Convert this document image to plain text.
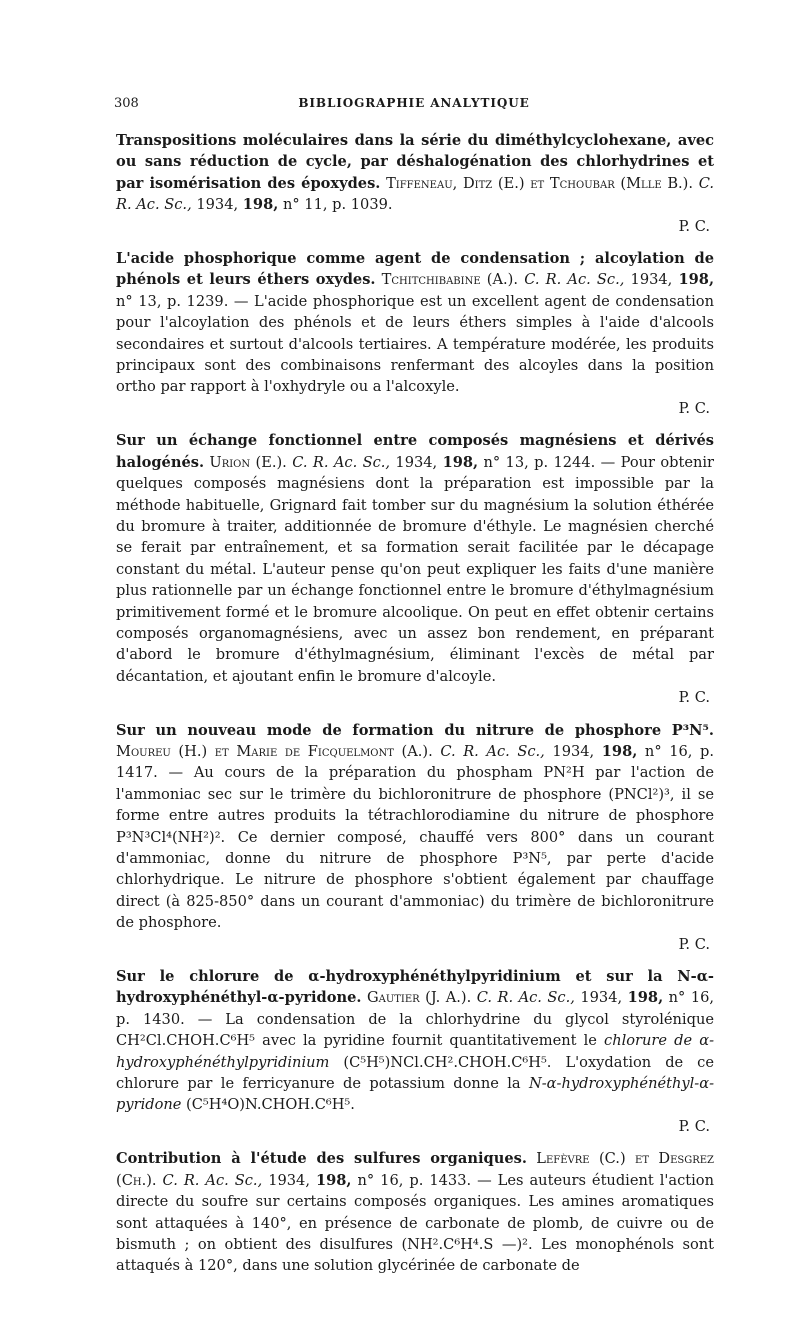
308	BIBLIOGRAPHIE ANALYTIQUE

Transpositions moléculaires dans la série du diméthylcyclohexane, avec ou sans réduction de cycle, par déshalogénation des chlorhydrines et par isomérisation des époxydes. Tiffeneau, Ditz (E.) et Tchoubar (Mlle B.). C. R. Ac. Sc., 1934, 198, n° 11, p. 1039.
P. C.

L'acide phosphorique comme agent de condensation ; alcoylation de phénols et leurs éthers oxydes. Tchitchibabine (A.). C. R. Ac. Sc., 1934, 198, n° 13, p. 1239. — L'acide phosphorique est un excellent agent de condensation pour l'alcoylation des phénols et de leurs éthers simples à l'aide d'alcools secondaires et surtout d'alcools tertiaires. A température modérée, les produits principaux sont des combinaisons renfermant des alcoyles dans la position ortho par rapport à l'oxhydryle ou a l'alcoxyle.
P. C.

Sur un échange fonctionnel entre composés magnésiens et dérivés halogénés. Urion (E.). C. R. Ac. Sc., 1934, 198, n° 13, p. 1244. — Pour obtenir quelques composés magnésiens dont la préparation est impossible par la méthode habituelle, Grignard fait tomber sur du magnésium la solution éthérée du bromure à traiter, additionnée de bromure d'éthyle. Le magnésien cherché se ferait par entraînement, et sa formation serait facilitée par le décapage constant du métal. L'auteur pense qu'on peut expliquer les faits d'une manière plus rationnelle par un échange fonctionnel entre le bromure d'éthylmagnésium primitivement formé et le bromure alcoolique. On peut en effet obtenir certains composés organomagnésiens, avec un assez bon rendement, en préparant d'abord le bromure d'éthylmagnésium, éliminant l'excès de métal par décantation, et ajoutant enfin le bromure d'alcoyle.
P. C.

Sur un nouveau mode de formation du nitrure de phosphore P³N⁵. Moureu (H.) et Marie de Ficquelmont (A.). C. R. Ac. Sc., 1934, 198, n° 16, p. 1417. — Au cours de la préparation du phospham PN²H par l'action de l'ammoniac sec sur le trimère du bichloronitrure de phosphore (PNCl²)³, il se forme entre autres produits la tétrachlorodiamine du nitrure de phosphore P³N³Cl⁴(NH²)². Ce dernier composé, chauffé vers 800° dans un courant d'ammoniac, donne du nitrure de phosphore P³N⁵, par perte d'acide chlorhydrique. Le nitrure de phosphore s'obtient également par chauffage direct (à 825-850° dans un courant d'ammoniac) du trimère de bichloronitrure de phosphore.
P. C.

Sur le chlorure de α-hydroxyphénéthylpyridinium et sur la N-α-hydroxyphénéthyl-α-pyridone. Gautier (J. A.). C. R. Ac. Sc., 1934, 198, n° 16, p. 1430. — La condensation de la chlorhydrine du glycol styrolénique CH²Cl.CHOH.C⁶H⁵ avec la pyridine fournit quantitativement le chlorure de α-hydroxyphénéthylpyridinium (C⁵H⁵)NCl.CH².CHOH.C⁶H⁵. L'oxydation de ce chlorure par le ferricyanure de potassium donne la N-α-hydroxyphénéthyl-α-pyridone (C⁵H⁴O)N.CHOH.C⁶H⁵.
P. C.

Contribution à l'étude des sulfures organiques. Lefèvre (C.) et Desgrez (Ch.). C. R. Ac. Sc., 1934, 198, n° 16, p. 1433. — Les auteurs étudient l'action directe du soufre sur certains composés organiques. Les amines aromatiques sont attaquées à 140°, en présence de carbonate de plomb, de cuivre ou de bismuth ; on obtient des disulfures (NH².C⁶H⁴.S —)². Les monophénols sont attaqués à 120°, dans une solution glycérinée de carbonate de
